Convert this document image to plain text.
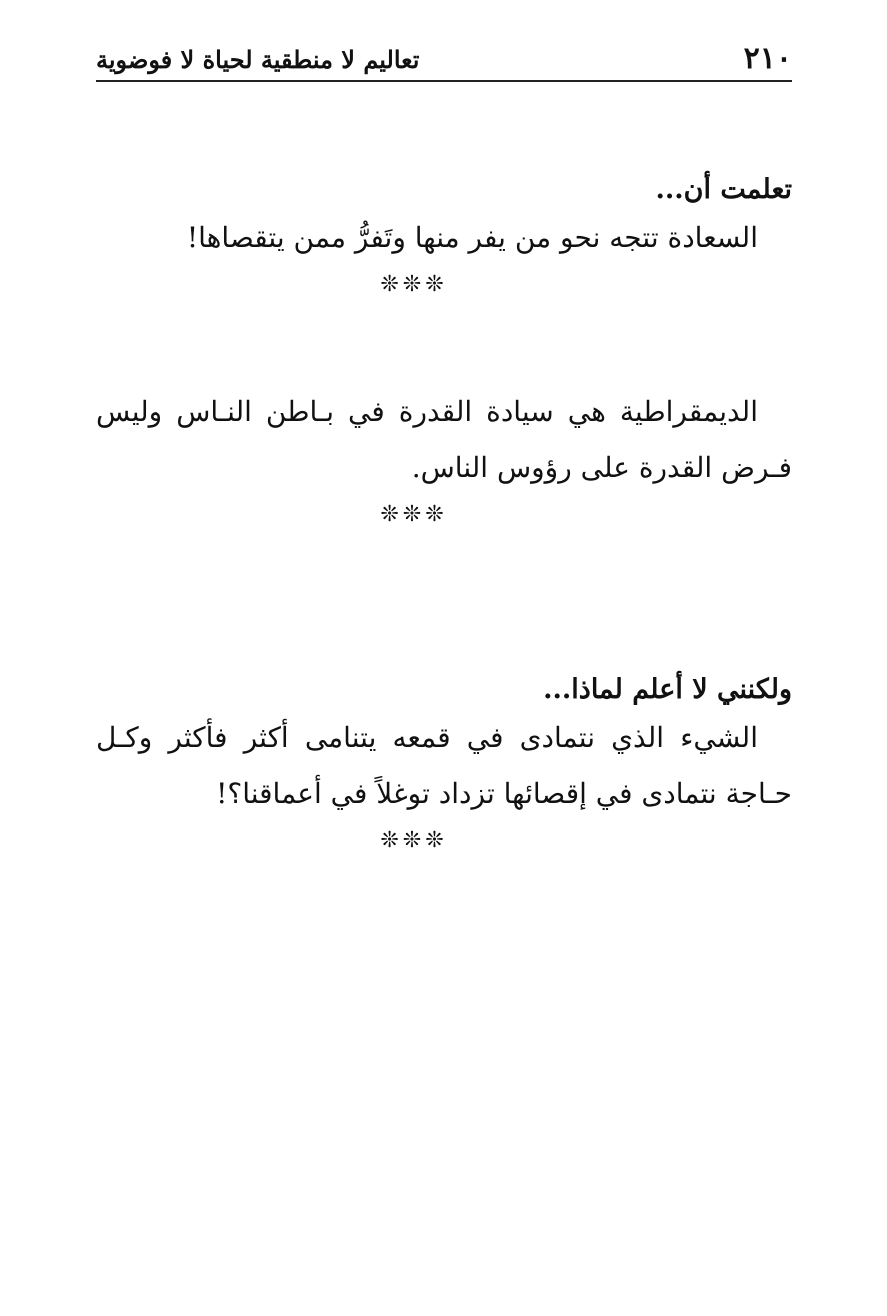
٢١٠
تعاليم لا منطقية لحياة لا فوضوية

تعلمت أن...

السعادة تتجه نحو من يفر منها وتَفرُّ ممن يتقصاها!

❊❊❊

الديمقراطية هي سيادة القدرة في بـاطن النـاس وليس فـرض القدرة على رؤوس الناس.

❊❊❊

ولكنني لا أعلم لماذا...

الشيء الذي نتمادى في قمعه يتنامى أكثر فأكثر وكـل حـاجة نتمادى في إقصائها تزداد توغلاً في أعماقنا؟!

❊❊❊
